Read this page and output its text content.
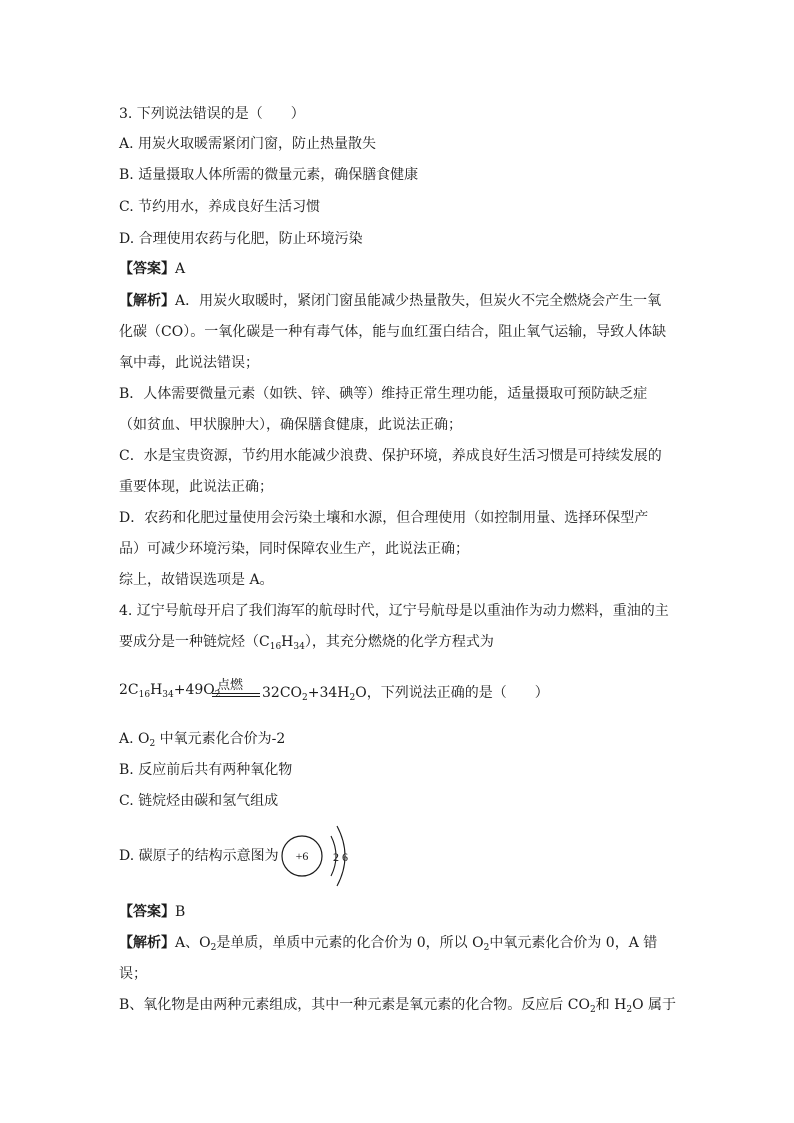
3. 下列说法错误的是（　　）
A. 用炭火取暖需紧闭门窗，防止热量散失
B. 适量摄取人体所需的微量元素，确保膳食健康
C. 节约用水，养成良好生活习惯
D. 合理使用农药与化肥，防止环境污染
【答案】A
【解析】A．用炭火取暖时，紧闭门窗虽能减少热量散失，但炭火不完全燃烧会产生一氧
化碳（CO）。一氧化碳是一种有毒气体，能与血红蛋白结合，阻止氧气运输，导致人体缺
氧中毒，此说法错误；
B．人体需要微量元素（如铁、锌、碘等）维持正常生理功能，适量摄取可预防缺乏症
（如贫血、甲状腺肿大），确保膳食健康，此说法正确；
C．水是宝贵资源，节约用水能减少浪费、保护环境，养成良好生活习惯是可持续发展的
重要体现，此说法正确；
D．农药和化肥过量使用会污染土壤和水源，但合理使用（如控制用量、选择环保型产
品）可减少环境污染，同时保障农业生产，此说法正确；
综上，故错误选项是 A。
4. 辽宁号航母开启了我们海军的航母时代，辽宁号航母是以重油作为动力燃料，重油的主
要成分是一种链烷烃$(C_{16}H_{34})$，其充分燃烧的化学方程式为
点燃
$2C_{16}H_{34}+49O_2$	$32CO_2+34H_2O$，下列说法正确的是（　　）
A. $O_2$ 中氧元素化合价为-2
B. 反应前后共有两种氧化物
C. 链烷烃由碳和氢气组成
D. 碳原子的结构示意图为 +6 2 6
【答案】B
【解析】A、$O_2$是单质，单质中元素的化合价为 0，所以 $O_2$中氧元素化合价为 0，A 错
误；
B、氧化物是由两种元素组成，其中一种元素是氧元素的化合物。反应后 $CO_2$和 $H_2O$ 属于
